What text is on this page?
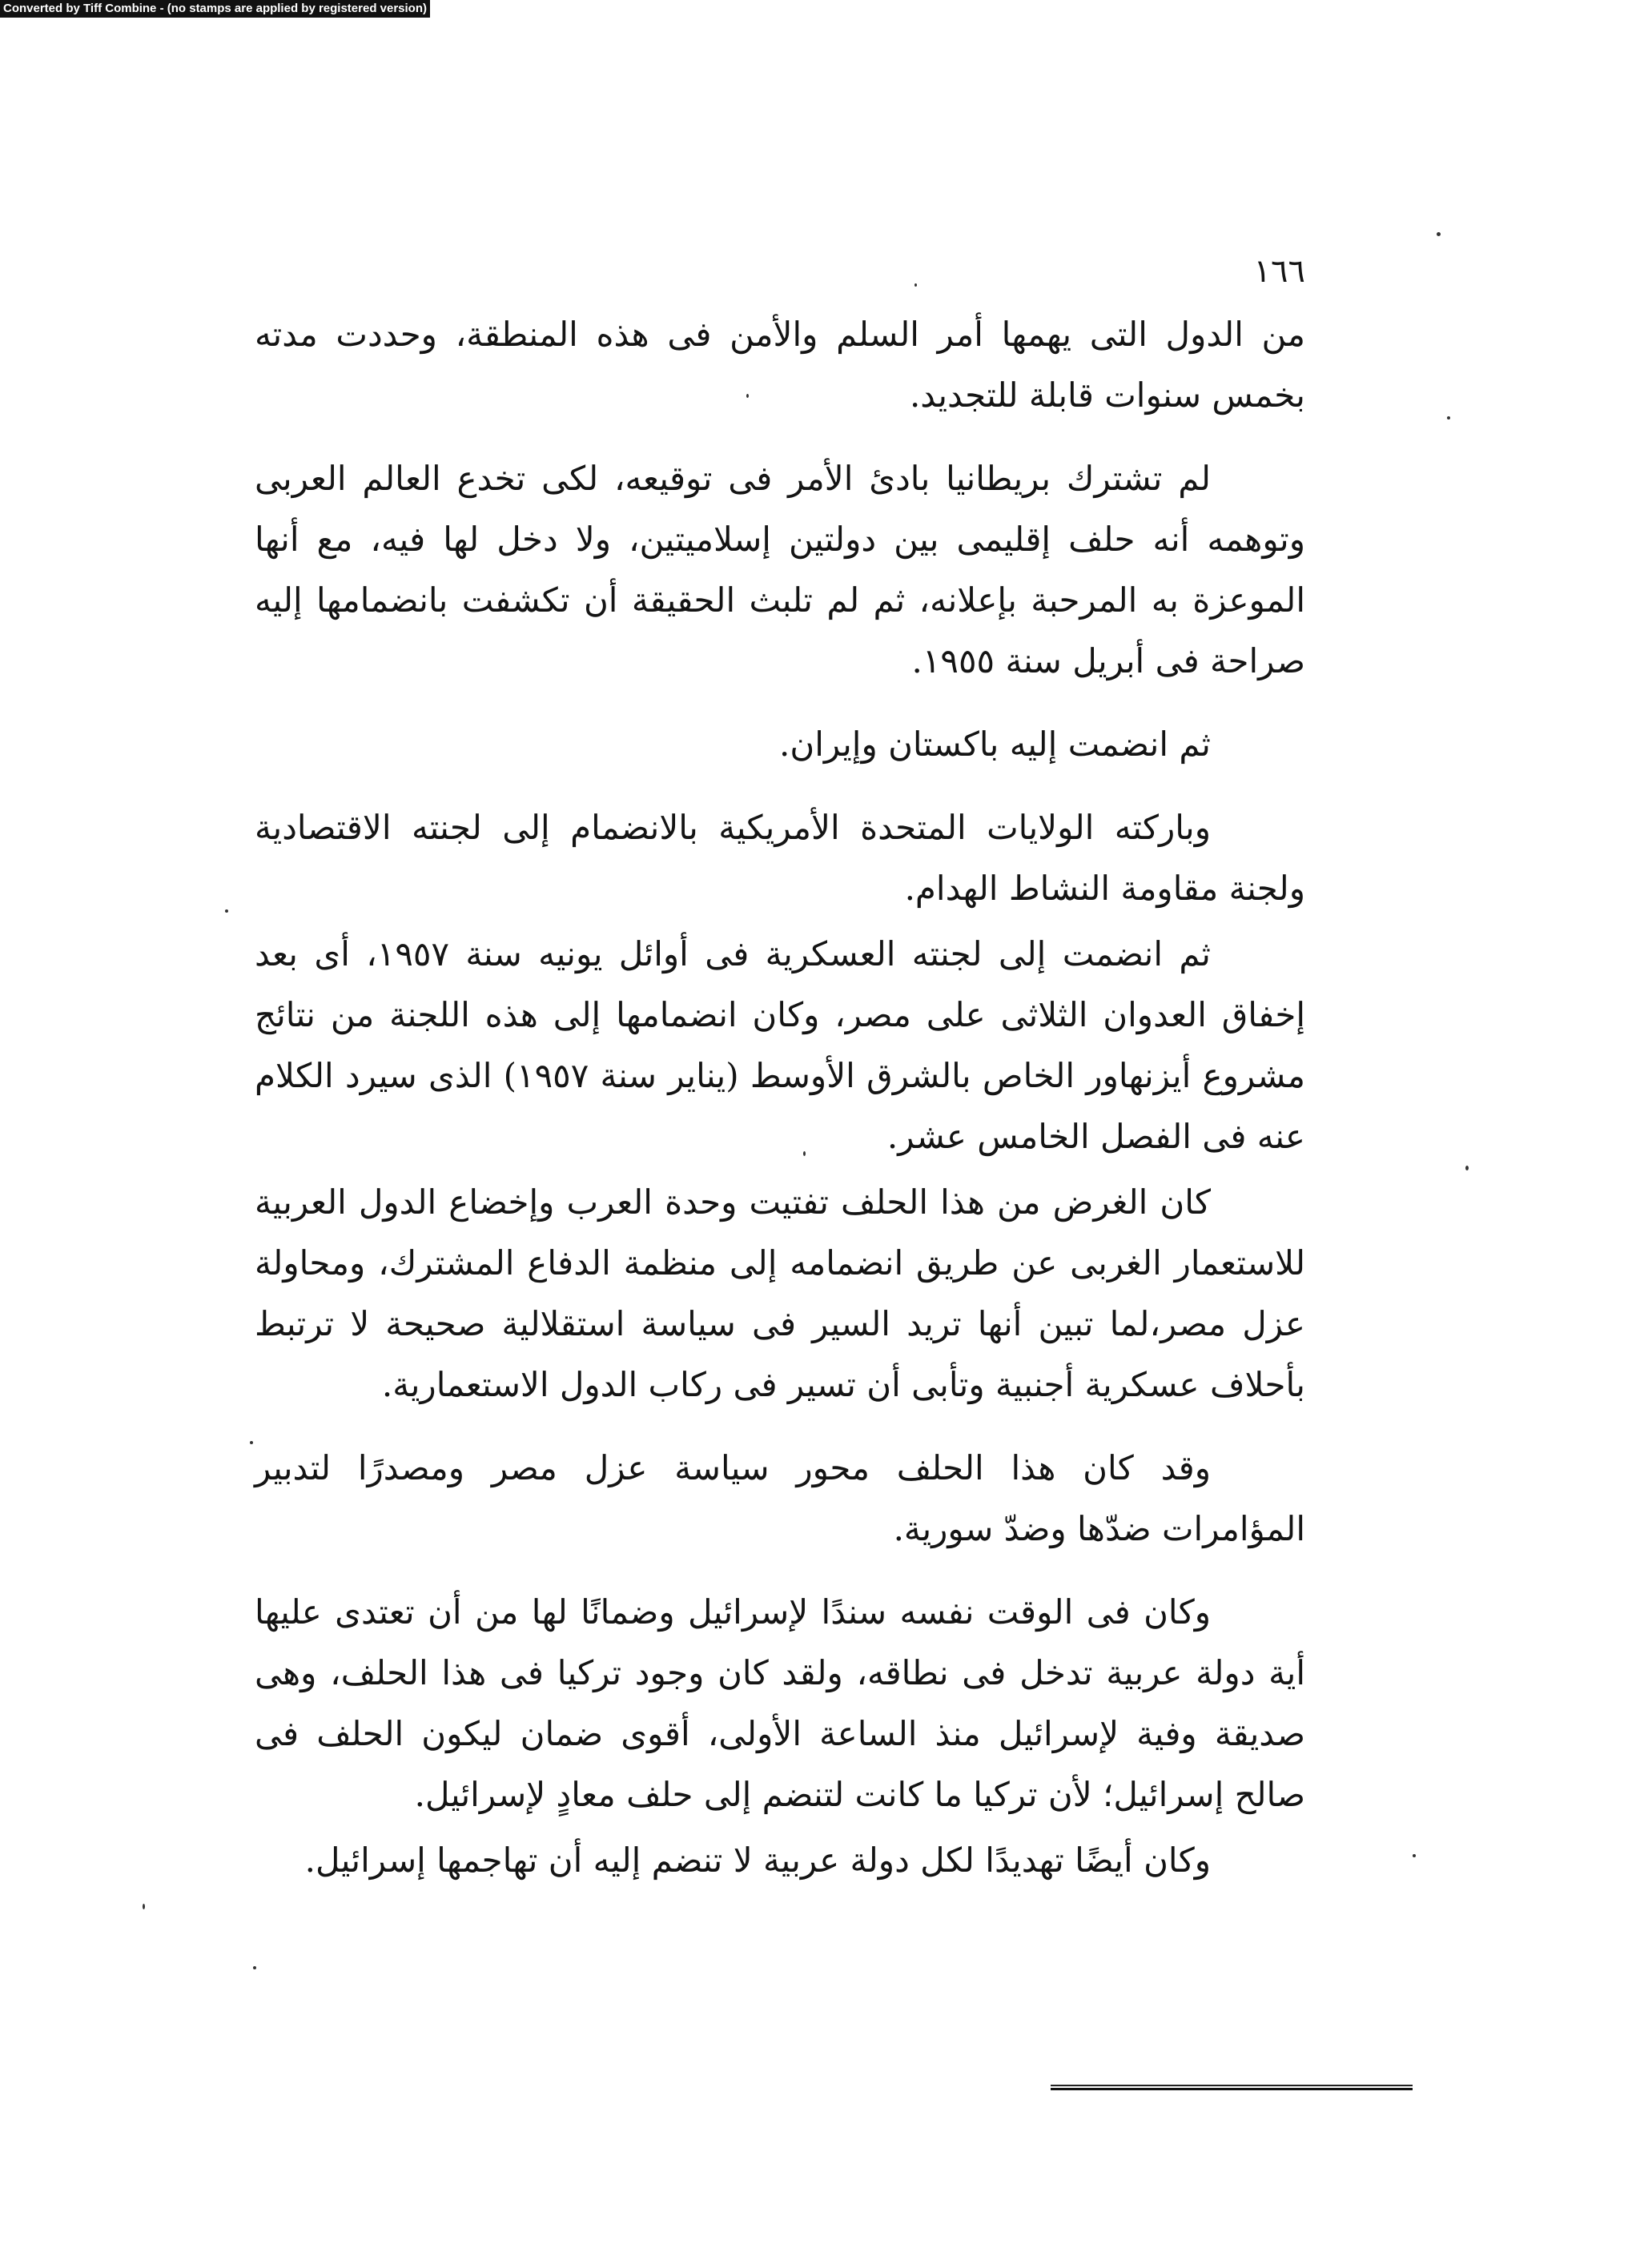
Converted by Tiff Combine - (no stamps are applied by registered version)
١٦٦

من الدول التى يهمها أمر السلم والأمن فى هذه المنطقة، وحددت مدته بخمس سنوات قابلة للتجديد.

لم تشترك بريطانيا بادئ الأمر فى توقيعه، لكى تخدع العالم العربى وتوهمه أنه حلف إقليمى بين دولتين إسلاميتين، ولا دخل لها فيه، مع أنها الموعزة به المرحبة بإعلانه، ثم لم تلبث الحقيقة أن تكشفت بانضمامها إليه صراحة فى أبريل سنة ١٩٥٥.

ثم انضمت إليه باكستان وإيران.

وباركته الولايات المتحدة الأمريكية بالانضمام إلى لجنته الاقتصادية ولجنة مقاومة النشاط الهدام.

ثم انضمت إلى لجنته العسكرية فى أوائل يونيه سنة ١٩٥٧، أى بعد إخفاق العدوان الثلاثى على مصر، وكان انضمامها إلى هذه اللجنة من نتائج مشروع أيزنهاور الخاص بالشرق الأوسط (يناير سنة ١٩٥٧) الذى سيرد الكلام عنه فى الفصل الخامس عشر.

كان الغرض من هذا الحلف تفتيت وحدة العرب وإخضاع الدول العربية للاستعمار الغربى عن طريق انضمامه إلى منظمة الدفاع المشترك، ومحاولة عزل مصر،لما تبين أنها تريد السير فى سياسة استقلالية صحيحة لا ترتبط بأحلاف عسكرية أجنبية وتأبى أن تسير فى ركاب الدول الاستعمارية.

وقد كان هذا الحلف محور سياسة عزل مصر ومصدرًا لتدبير المؤامرات ضدّها وضدّ سورية.

وكان فى الوقت نفسه سندًا لإسرائيل وضمانًا لها من أن تعتدى عليها أية دولة عربية تدخل فى نطاقه، ولقد كان وجود تركيا فى هذا الحلف، وهى صديقة وفية لإسرائيل منذ الساعة الأولى، أقوى ضمان ليكون الحلف فى صالح إسرائيل؛ لأن تركيا ما كانت لتنضم إلى حلف معادٍ لإسرائيل.

وكان أيضًا تهديدًا لكل دولة عربية لا تنضم إليه أن تهاجمها إسرائيل.
